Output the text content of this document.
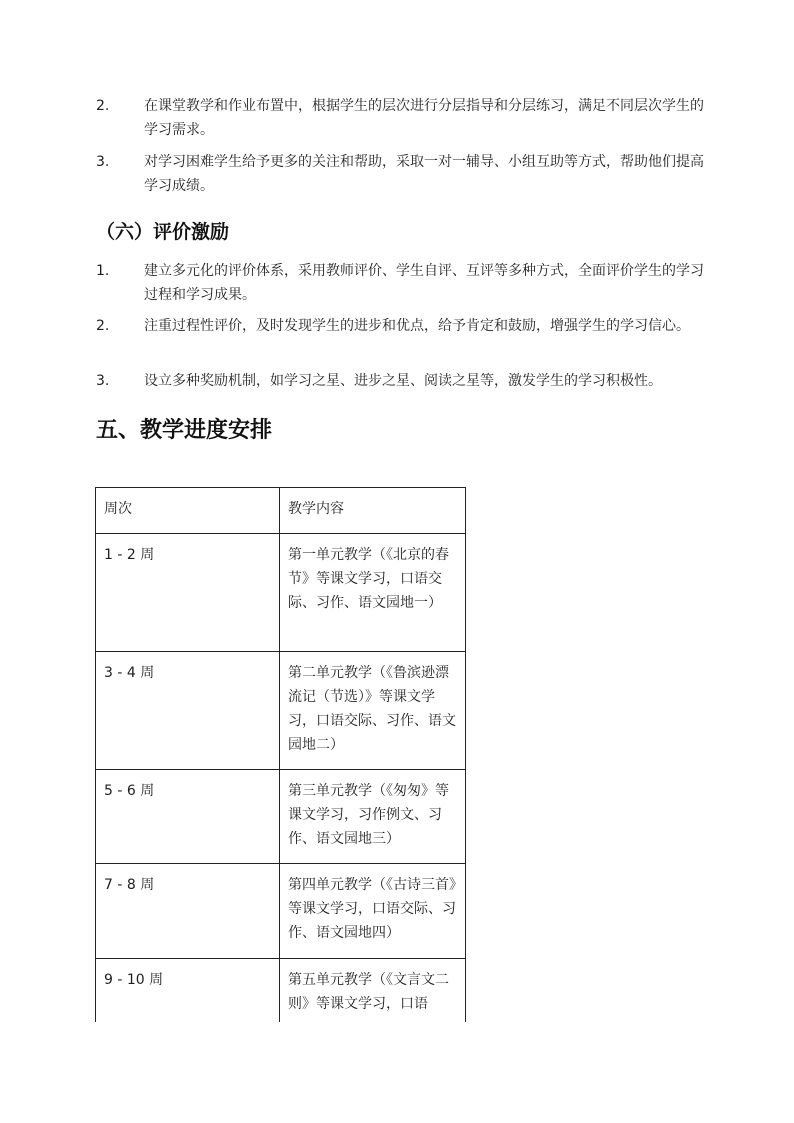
2.	在课堂教学和作业布置中，根据学生的层次进行分层指导和分层练习，满足不同层次学生的学习需求。
3.	对学习困难学生给予更多的关注和帮助，采取一对一辅导、小组互助等方式，帮助他们提高学习成绩。
（六）评价激励
1.	建立多元化的评价体系，采用教师评价、学生自评、互评等多种方式，全面评价学生的学习过程和学习成果。
2.	注重过程性评价，及时发现学生的进步和优点，给予肯定和鼓励，增强学生的学习信心。
3.	设立多种奖励机制，如学习之星、进步之星、阅读之星等，激发学生的学习积极性。
五、教学进度安排
周次	教学内容
1 - 2 周	第一单元教学（《北京的春节》等课文学习，口语交际、习作、语文园地一）
3 - 4 周	第二单元教学（《鲁滨逊漂流记（节选）》等课文学习，口语交际、习作、语文园地二）
5 - 6 周	第三单元教学（《匆匆》等课文学习，习作例文、习作、语文园地三）
7 - 8 周	第四单元教学（《古诗三首》等课文学习，口语交际、习作、语文园地四）
9 - 10 周	第五单元教学（《文言文二则》等课文学习，口语
